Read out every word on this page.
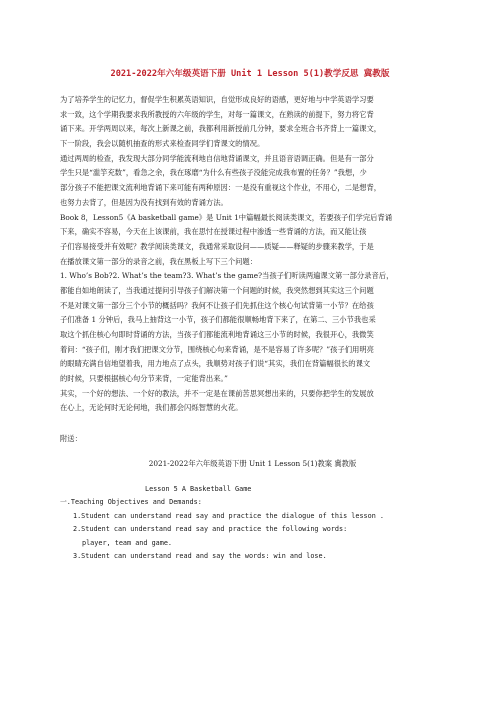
2021-2022年六年级英语下册 Unit 1 Lesson 5(1)教学反思 冀教版
为了培养学生的记忆力，督促学生积累英语知识，自觉形成良好的语感，更好地与中学英语学习要
求一致，这个学期我要求我所教授的六年级的学生，对每一篇课文，在熟读的前提下，努力将它背
诵下来。开学两周以来，每次上新课之前，我都利用新授前几分钟，要求全班合书齐背上一篇课文，
下一阶段，我会以随机抽查的形式来检查同学们背课文的情况。
通过两周的检查，我发现大部分同学能流利地自信地背诵课文，并且语音语调正确。但是有一部分
学生只是“滥竽充数”，看急之余，我在琢磨“为什么有些孩子没能完成我布置的任务？”我想，少
部分孩子不能把课文流利地背诵下来可能有两种原因：一是没有重视这个作业，不用心，二是想背，
也努力去背了，但是因为没有找到有效的背诵方法。
Book 8，Lesson5《A basketball game》是 Unit 1中篇幅最长阅读类课文，若要孩子们学完后背诵
下来，确实不容易，今天在上该课前，我在思忖在授课过程中渗透一些背诵的方法，而又能让孩
子们容易接受并有效呢？教学阅读类课文，我通常采取设问——质疑——释疑的步骤来教学，于是
在播放课文第一部分的录音之前，我在黑板上写下三个问题：
1. Who’s Bob?2. What’s the team?3. What’s the game?当孩子们听读两遍课文第一部分录音后，
都能自如地朗读了，当我通过提问引导孩子们解决第一个问题的时候，我突然想到其实这三个问题
不是对课文第一部分三个小节的概括吗？我何不让孩子们先抓住这个核心句试背第一小节？在给孩
子们准备 1 分钟后，我马上抽背这一小节，孩子们都能很顺畅地背下来了，在第二、三小节我也采
取这个抓住核心句即时背诵的方法，当孩子们都能流利地背诵这三小节的时候，我很开心，我微笑
着问：“孩子们，刚才我们把课文分节，围绕核心句来背诵，是不是容易了许多呢？”孩子们用明亮
的眼睛充满自信地望着我，用力地点了点头，我顺势对孩子们说“其实，我们在背篇幅很长的课文
的时候，只要根据核心句分节来背，一定能背出来。”
其实，一个好的想法、一个好的教法，并不一定是在课前苦思冥想出来的，只要你把学生的发展放
在心上，无论何时无论何地，我们都会闪烁智慧的火花。
附送：
2021-2022年六年级英语下册 Unit 1 Lesson 5(1)教案 冀教版
Lesson 5 A Basketball Game
一.Teaching Objectives and Demands:
1.Student can understand read say and practice the dialogue of this lesson .
2.Student can understand read say and practice the following words:
player, team and game.
3.Student can understand read and say the words: win and lose.
